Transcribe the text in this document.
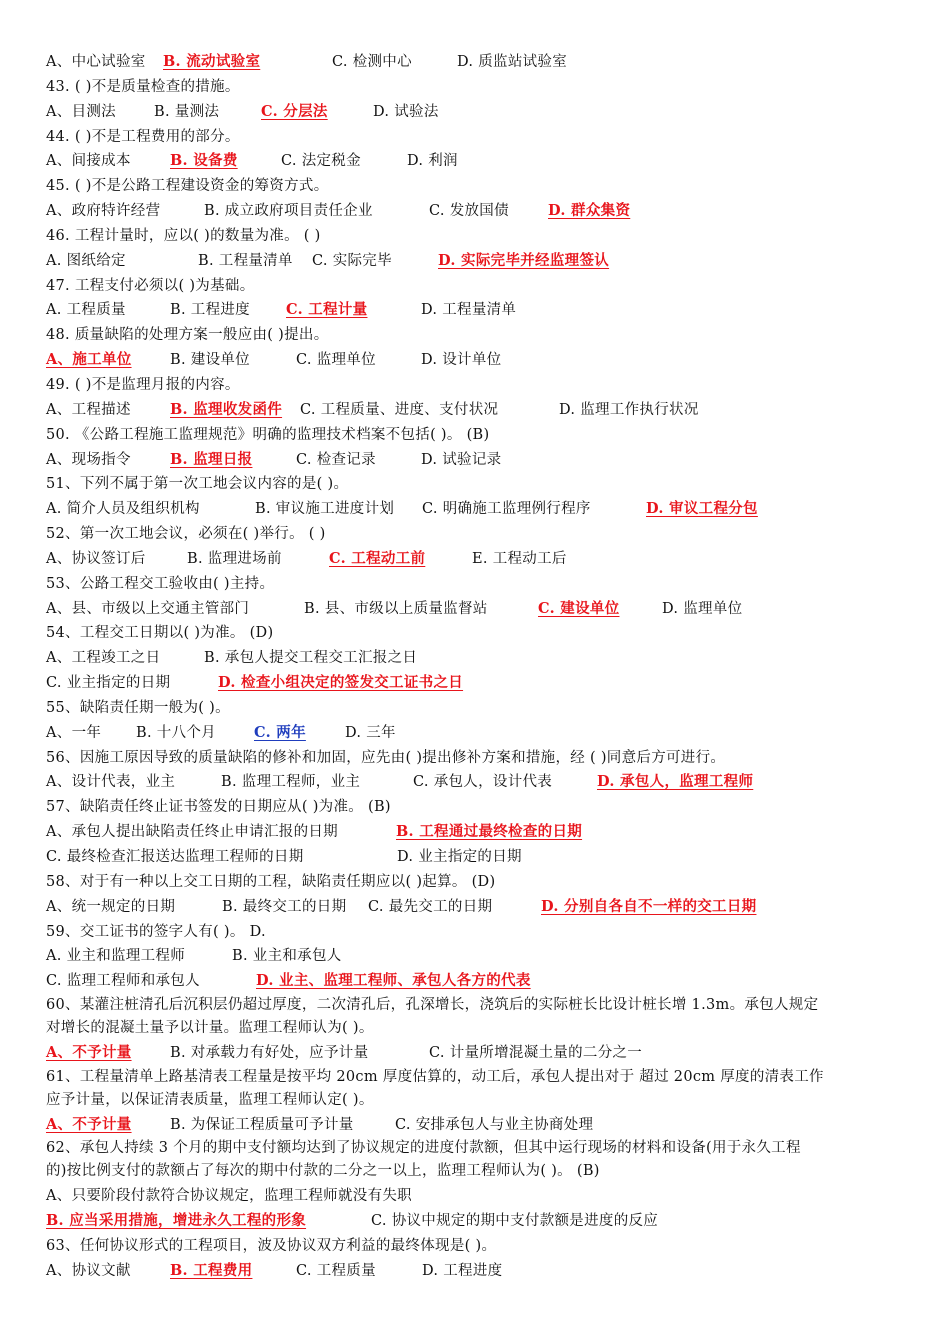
A、中心试验室 B. 流动试验室	C. 检测中心	D. 质监站试验室
43. ( )不是质量检查的措施。
A、目测法	B. 量测法	C. 分层法	D. 试验法
44. ( )不是工程费用的部分。
A、间接成本	B. 设备费	C. 法定税金	D. 利润
45. ( )不是公路工程建设资金的筹资方式。
A、政府特许经营	B. 成立政府项目责任企业	C. 发放国债	D. 群众集资
46. 工程计量时，应以( )的数量为准。 ( )
A. 图纸给定	B. 工程量清单 C. 实际完毕	D. 实际完毕并经监理签认
47. 工程支付必须以( )为基础。
A. 工程质量	B. 工程进度 C. 工程计量	D. 工程量清单
48. 质量缺陷的处理方案一般应由( )提出。
A、施工单位	B. 建设单位	C. 监理单位	D. 设计单位
49. ( )不是监理月报的内容。
A、工程描述	B. 监理收发函件 C. 工程质量、进度、支付状况	D. 监理工作执行状况
50. 《公路工程施工监理规范》明确的监理技术档案不包括( )。 (B)
A、现场指令	B. 监理日报	C. 检查记录	D. 试验记录
51、下列不属于第一次工地会议内容的是( )。
A. 简介人员及组织机构	B. 审议施工进度计划 C. 明确施工监理例行程序	D. 审议工程分包
52、第一次工地会议，必须在( )举行。 ( )
A、协议签订后	B. 监理进场前	C. 工程动工前	E. 工程动工后
53、公路工程交工验收由( )主持。
A、县、市级以上交通主管部门	B. 县、市级以上质量监督站	C. 建设单位	D. 监理单位
54、工程交工日期以( )为准。 (D)
A、工程竣工之日	B. 承包人提交工程交工汇报之日
C. 业主指定的日期	D. 检查小组决定的签发交工证书之日
55、缺陷责任期一般为( )。
A、一年 B. 十八个月	C. 两年	D. 三年
56、因施工原因导致的质量缺陷的修补和加固，应先由( )提出修补方案和措施，经 ( )同意后方可进行。
A、设计代表，业主	B. 监理工程师，业主	C. 承包人，设计代表	D. 承包人，监理工程师
57、缺陷责任终止证书签发的日期应从( )为准。 (B)
A、承包人提出缺陷责任终止申请汇报的日期	B. 工程通过最终检查的日期
C. 最终检查汇报送达监理工程师的日期	D. 业主指定的日期
58、对于有一种以上交工日期的工程，缺陷责任期应以( )起算。 (D)
A、统一规定的日期	B. 最终交工的日期 C. 最先交工的日期	D. 分别自各自不一样的交工日期
59、交工证书的签字人有( )。 D.
A. 业主和监理工程师	B. 业主和承包人
C. 监理工程师和承包人	D. 业主、监理工程师、承包人各方的代表
60、某灌注桩清孔后沉积层仍超过厚度，二次清孔后，孔深增长，浇筑后的实际桩长比设计桩长增 1.3m。承包人规定
对增长的混凝土量予以计量。监理工程师认为( )。
A、不予计量	B. 对承载力有好处，应予计量	C. 计量所增混凝土量的二分之一
61、工程量清单上路基清表工程量是按平均 20cm 厚度估算的，动工后，承包人提出对于 超过 20cm 厚度的清表工作
应予计量，以保证清表质量，监理工程师认定( )。
A、不予计量	B. 为保证工程质量可予计量	C. 安排承包人与业主协商处理
62、承包人持续 3 个月的期中支付额均达到了协议规定的进度付款额，但其中运行现场的材料和设备(用于永久工程
的)按比例支付的款额占了每次的期中付款的二分之一以上，监理工程师认为( )。 (B)
A、只要阶段付款符合协议规定，监理工程师就没有失职
B. 应当采用措施，增进永久工程的形象	C. 协议中规定的期中支付款额是进度的反应
63、任何协议形式的工程项目，波及协议双方利益的最终体现是( )。
A、协议文献	B. 工程费用	C. 工程质量	D. 工程进度
